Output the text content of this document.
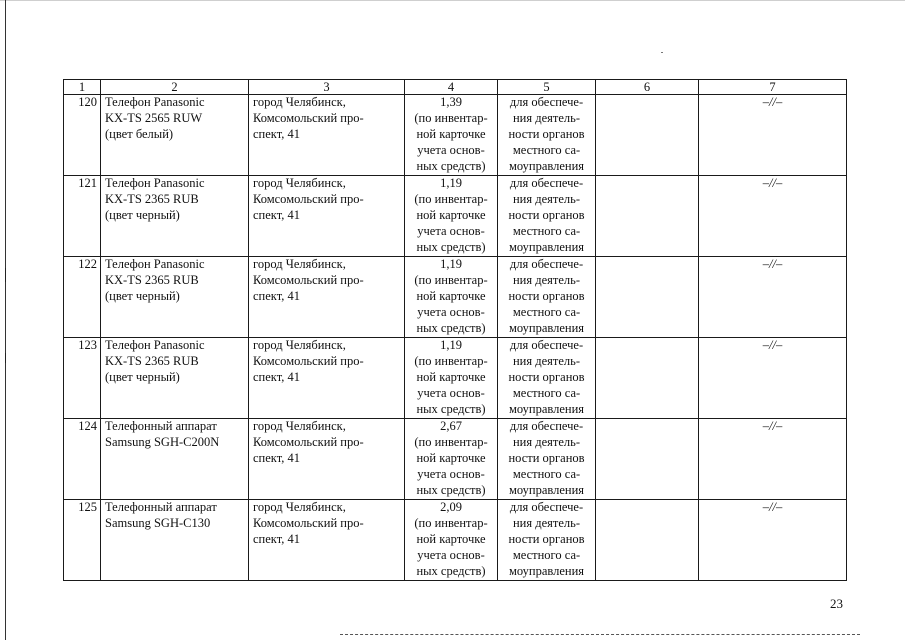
1	2	3	4	5	6	7
120	Телефон Panasonic
KX-TS 2565 RUW
(цвет белый)	город Челябинск,
Комсомольский про-
спект, 41	1,39
(по инвентар-
ной карточке
учета основ-
ных средств)	для обеспече-
ния деятель-
ности органов
местного са-
моуправления		–//–
121	Телефон Panasonic
KX-TS 2365 RUB
(цвет черный)	город Челябинск,
Комсомольский про-
спект, 41	1,19
(по инвентар-
ной карточке
учета основ-
ных средств)	для обеспече-
ния деятель-
ности органов
местного са-
моуправления		–//–
122	Телефон Panasonic
KX-TS 2365 RUB
(цвет черный)	город Челябинск,
Комсомольский про-
спект, 41	1,19
(по инвентар-
ной карточке
учета основ-
ных средств)	для обеспече-
ния деятель-
ности органов
местного са-
моуправления		–//–
123	Телефон Panasonic
KX-TS 2365 RUB
(цвет черный)	город Челябинск,
Комсомольский про-
спект, 41	1,19
(по инвентар-
ной карточке
учета основ-
ных средств)	для обеспече-
ния деятель-
ности органов
местного са-
моуправления		–//–
124	Телефонный аппарат
Samsung SGH-C200N	город Челябинск,
Комсомольский про-
спект, 41	2,67
(по инвентар-
ной карточке
учета основ-
ных средств)	для обеспече-
ния деятель-
ности органов
местного са-
моуправления		–//–
125	Телефонный аппарат
Samsung SGH-C130	город Челябинск,
Комсомольский про-
спект, 41	2,09
(по инвентар-
ной карточке
учета основ-
ных средств)	для обеспече-
ния деятель-
ности органов
местного са-
моуправления		–//–
23
